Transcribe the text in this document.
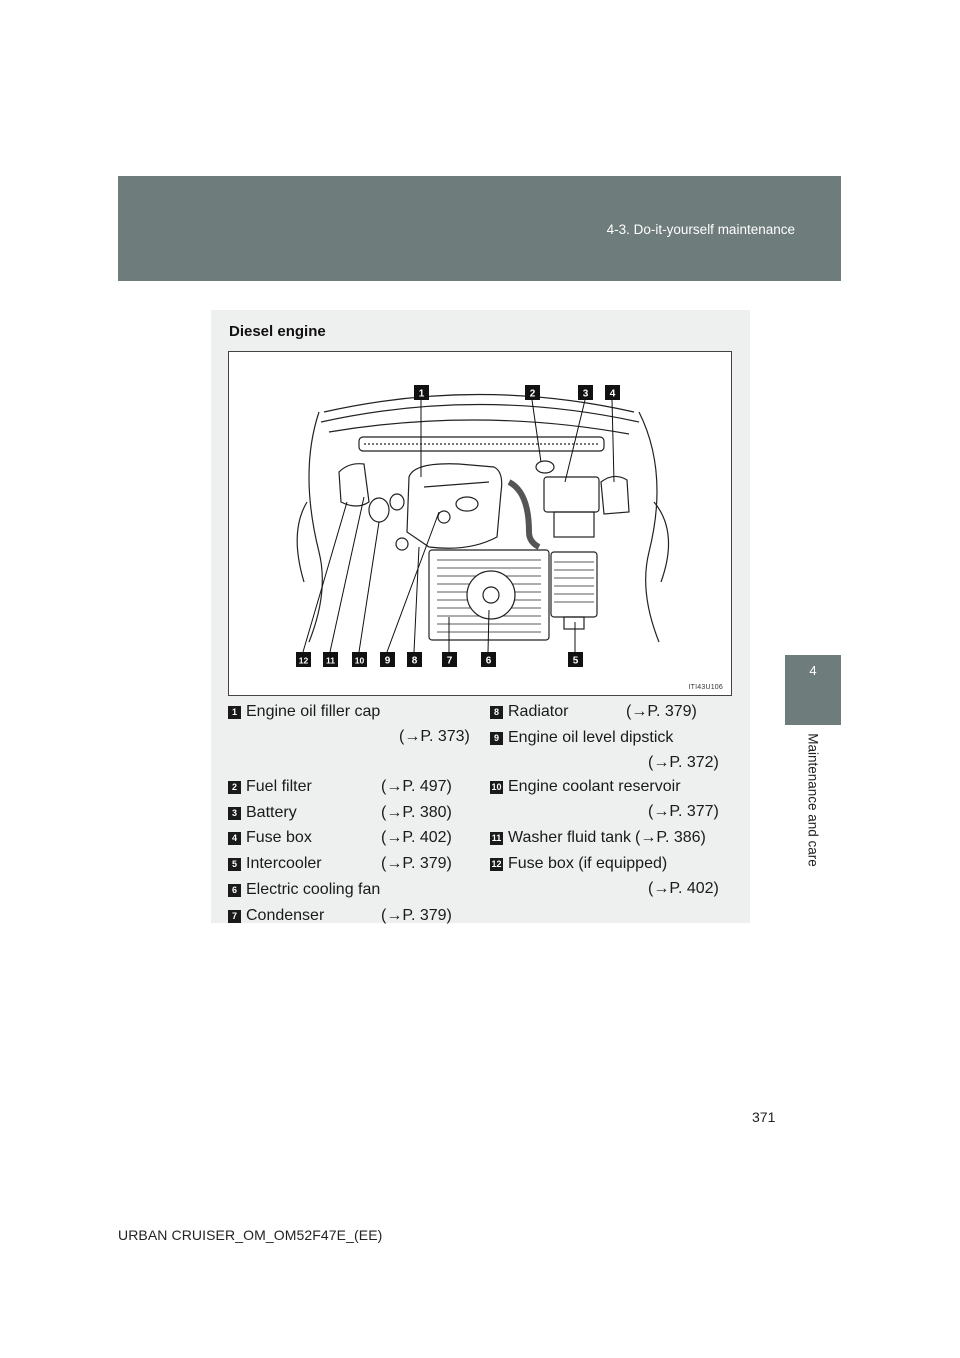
4-3. Do-it-yourself maintenance
4
Maintenance and care
Diesel engine
1	2	3 4
5
6
7
8
9
10
11
12
ITI43U106
1 Engine oil filler cap
(→P. 373)
2 Fuel filter	(→P. 497)
3 Battery	(→P. 380)
4 Fuse box	(→P. 402)
5 Intercooler	(→P. 379)
6 Electric cooling fan
7 Condenser	(→P. 379)
8 Radiator	(→P. 379)
9 Engine oil level dipstick
(→P. 372)
10 Engine coolant reservoir
(→P. 377)
11 Washer fluid tank (→P. 386)
12 Fuse box (if equipped)
(→P. 402)
371
URBAN CRUISER_OM_OM52F47E_(EE)
